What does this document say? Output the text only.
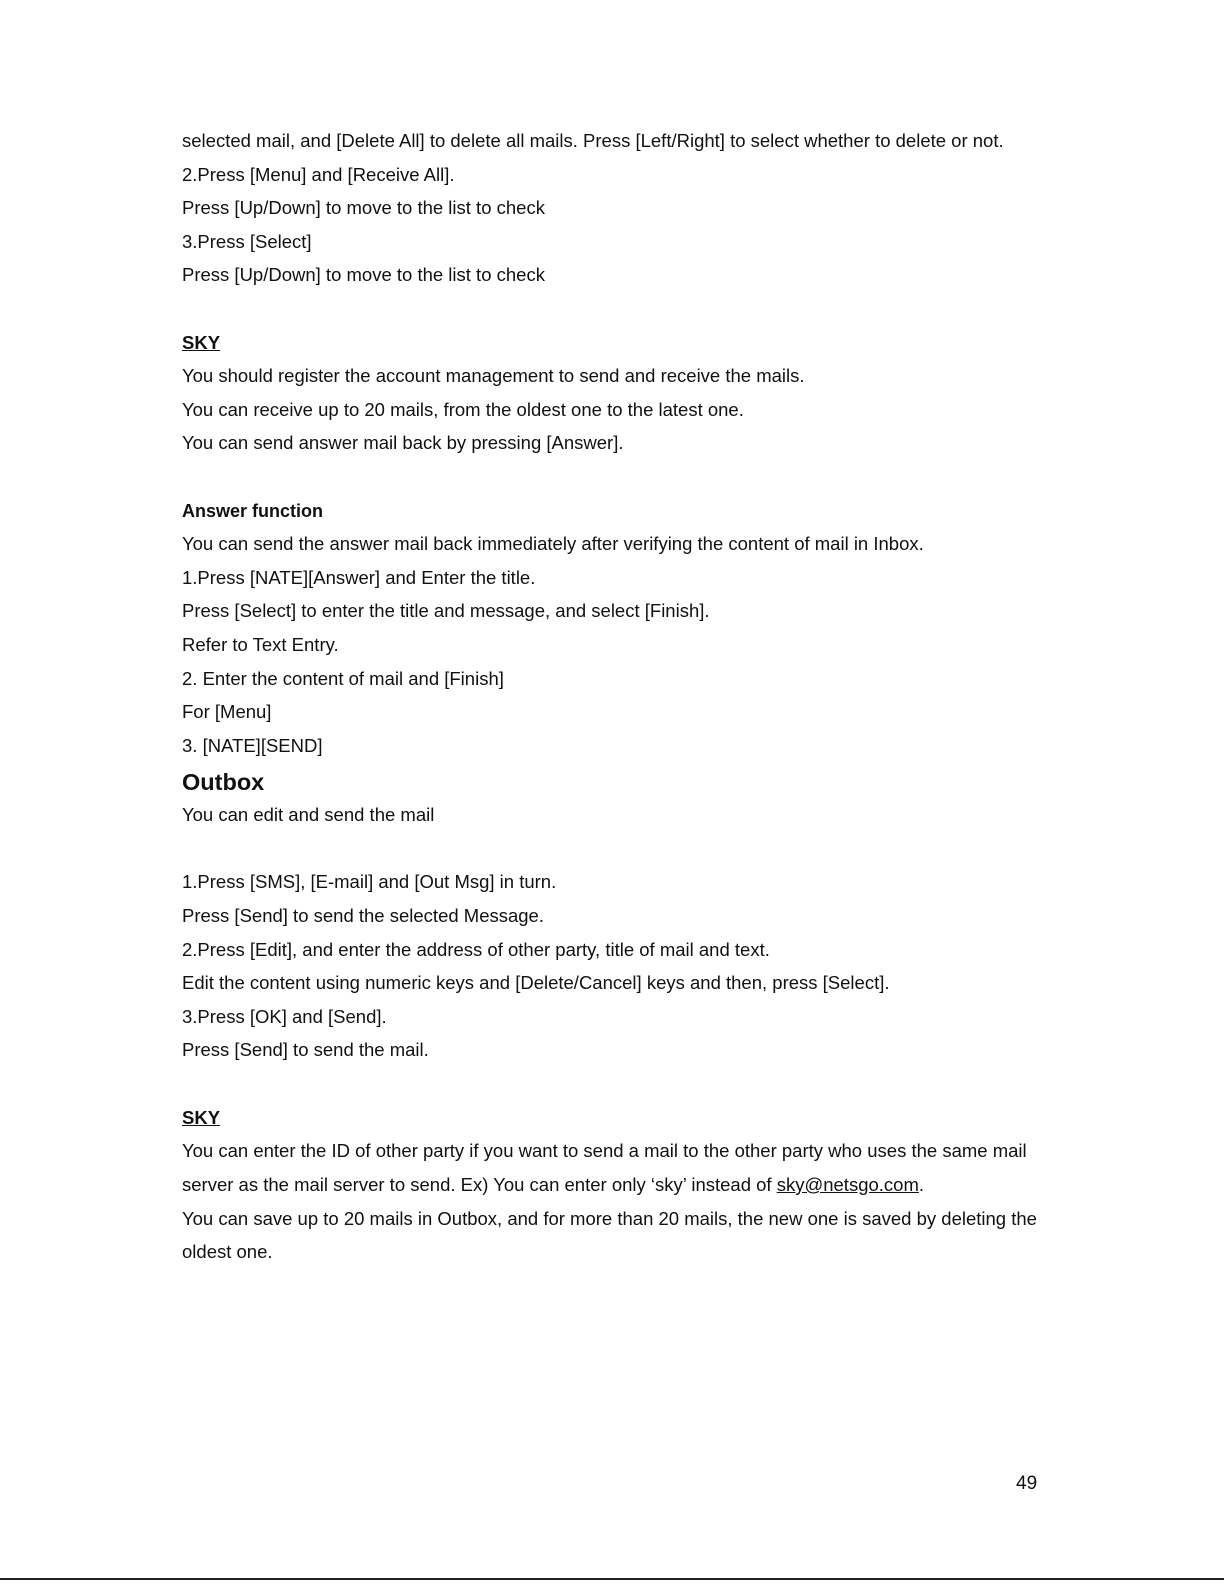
selected mail, and [Delete All] to delete all mails. Press [Left/Right] to select whether to delete or not.
2.Press [Menu] and [Receive All].
Press [Up/Down] to move to the list to check
3.Press [Select]
Press [Up/Down] to move to the list to check
SKY
You should register the account management to send and receive the mails.
You can receive up to 20 mails, from the oldest one to the latest one.
You can send answer mail back by pressing [Answer].
Answer function
You can send the answer mail back immediately after verifying the content of mail in Inbox.
1.Press [NATE][Answer] and Enter the title.
Press [Select] to enter the title and message, and select [Finish].
Refer to Text Entry.
2. Enter the content of mail and [Finish]
For [Menu]
3. [NATE][SEND]
Outbox
You can edit and send the mail
1.Press [SMS], [E-mail] and [Out Msg] in turn.
Press [Send] to send the selected Message.
2.Press [Edit], and enter the address of other party, title of mail and text.
Edit the content using numeric keys and [Delete/Cancel] keys and then, press [Select].
3.Press [OK] and [Send].
Press [Send] to send the mail.
SKY
You can enter the ID of other party if you want to send a mail to the other party who uses the same mail server as the mail server to send. Ex) You can enter only ‘sky’ instead of sky@netsgo.com.
You can save up to 20 mails in Outbox, and for more than 20 mails, the new one is saved by deleting the oldest one.
49
